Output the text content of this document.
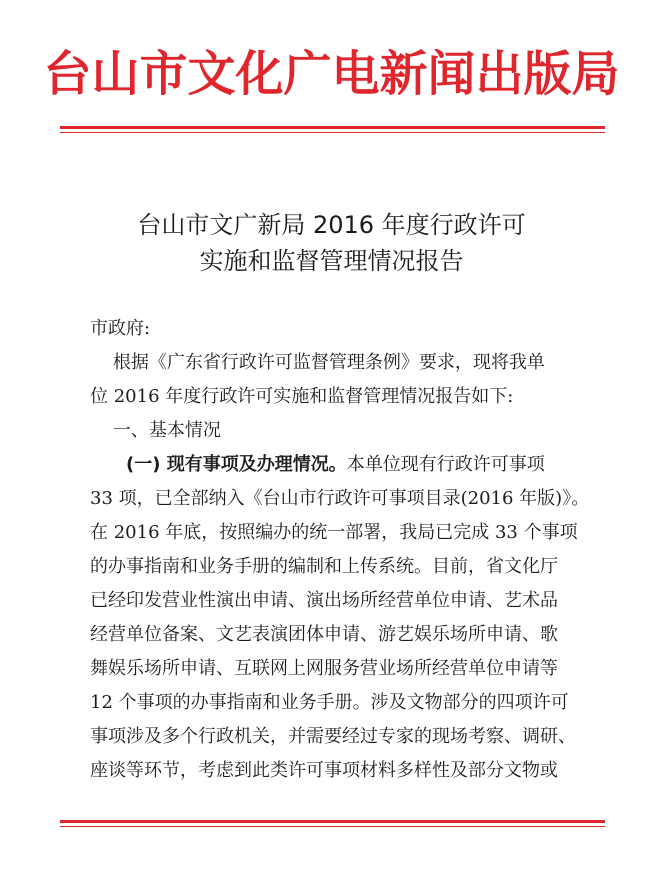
台山市文化广电新闻出版局
台山市文广新局 2016 年度行政许可
实施和监督管理情况报告
市政府:
根据《广东省行政许可监督管理条例》要求，现将我单
位 2016 年度行政许可实施和监督管理情况报告如下:
一、基本情况
(一) 现有事项及办理情况。本单位现有行政许可事项
33 项，已全部纳入《台山市行政许可事项目录(2016 年版)》。
在 2016 年底，按照编办的统一部署，我局已完成 33 个事项
的办事指南和业务手册的编制和上传系统。目前，省文化厅
已经印发营业性演出申请、演出场所经营单位申请、艺术品
经营单位备案、文艺表演团体申请、游艺娱乐场所申请、歌
舞娱乐场所申请、互联网上网服务营业场所经营单位申请等
12 个事项的办事指南和业务手册。涉及文物部分的四项许可
事项涉及多个行政机关，并需要经过专家的现场考察、调研、
座谈等环节，考虑到此类许可事项材料多样性及部分文物或
